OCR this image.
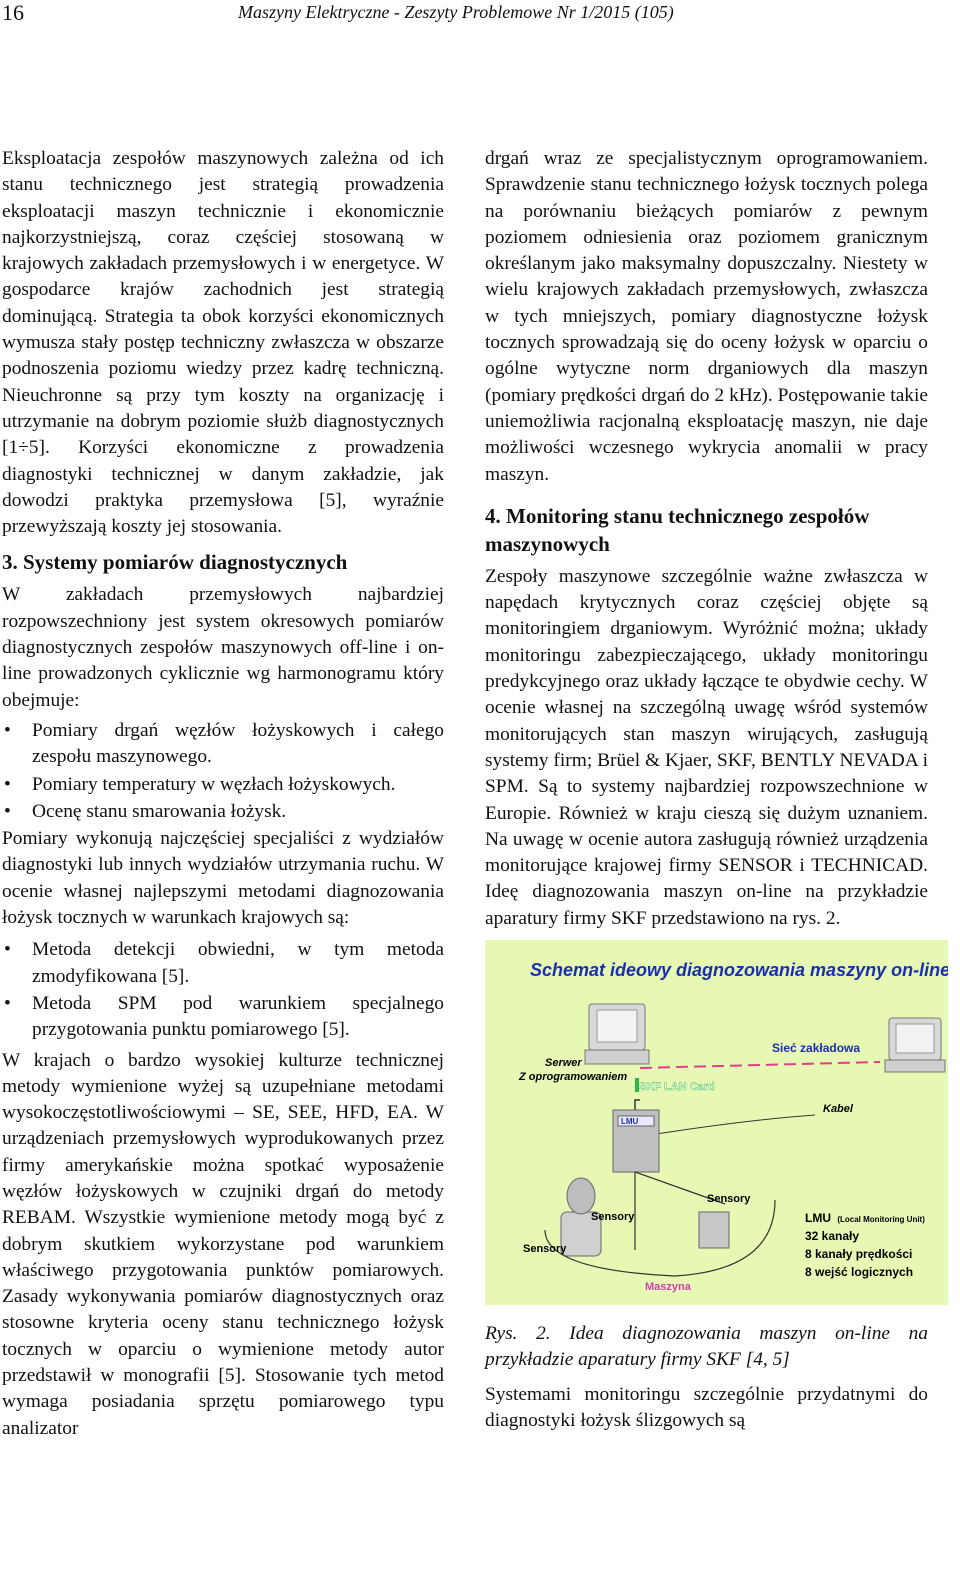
16	Maszyny Elektryczne - Zeszyty Problemowe Nr 1/2015 (105)

Eksploatacja zespołów maszynowych zależna od ich stanu technicznego jest strategią prowadzenia eksploatacji maszyn technicznie i ekonomicznie najkorzystniejszą, coraz częściej stosowaną w krajowych zakładach przemysłowych i w energetyce. W gospodarce krajów zachodnich jest strategią dominującą. Strategia ta obok korzyści ekonomicznych wymusza stały postęp techniczny zwłaszcza w obszarze podnoszenia poziomu wiedzy przez kadrę techniczną. Nieuchronne są przy tym koszty na organizację i utrzymanie na dobrym poziomie służb diagnostycznych [1÷5]. Korzyści ekonomiczne z prowadzenia diagnostyki technicznej w danym zakładzie, jak dowodzi praktyka przemysłowa [5], wyraźnie przewyższają koszty jej stosowania.

3. Systemy pomiarów diagnostycznych

W zakładach przemysłowych najbardziej rozpowszechniony jest system okresowych pomiarów diagnostycznych zespołów maszynowych off-line i on-line prowadzonych cyklicznie wg harmonogramu który obejmuje:

• Pomiary drgań węzłów łożyskowych i całego zespołu maszynowego.
• Pomiary temperatury w węzłach łożyskowych.
• Ocenę stanu smarowania łożysk.

Pomiary wykonują najczęściej specjaliści z wydziałów diagnostyki lub innych wydziałów utrzymania ruchu. W ocenie własnej najlepszymi metodami diagnozowania łożysk tocznych w warunkach krajowych są:

• Metoda detekcji obwiedni, w tym metoda zmodyfikowana [5].
• Metoda SPM pod warunkiem specjalnego przygotowania punktu pomiarowego [5].

W krajach o bardzo wysokiej kulturze technicznej metody wymienione wyżej są uzupełniane metodami wysokoczęstotliwościowymi – SE, SEE, HFD, EA. W urządzeniach przemysłowych wyprodukowanych przez firmy amerykańskie można spotkać wyposażenie węzłów łożyskowych w czujniki drgań do metody REBAM. Wszystkie wymienione metody mogą być z dobrym skutkiem wykorzystane pod warunkiem właściwego przygotowania punktów pomiarowych. Zasady wykonywania pomiarów diagnostycznych oraz stosowne kryteria oceny stanu technicznego łożysk tocznych w oparciu o wymienione metody autor przedstawił w monografii [5]. Stosowanie tych metod wymaga posiadania sprzętu pomiarowego typu analizator

drgań wraz ze specjalistycznym oprogramowaniem. Sprawdzenie stanu technicznego łożysk tocznych polega na porównaniu bieżących pomiarów z pewnym poziomem odniesienia oraz poziomem granicznym określanym jako maksymalny dopuszczalny. Niestety w wielu krajowych zakładach przemysłowych, zwłaszcza w tych mniejszych, pomiary diagnostyczne łożysk tocznych sprowadzają się do oceny łożysk w oparciu o ogólne wytyczne norm drganiowych dla maszyn (pomiary prędkości drgań do 2 kHz). Postępowanie takie uniemożliwia racjonalną eksploatację maszyn, nie daje możliwości wczesnego wykrycia anomalii w pracy maszyn.

4. Monitoring stanu technicznego zespołów maszynowych

Zespoły maszynowe szczególnie ważne zwłaszcza w napędach krytycznych coraz częściej objęte są monitoringiem drganiowym. Wyróżnić można; układy monitoringu zabezpieczającego, układy monitoringu predykcyjnego oraz układy łączące te obydwie cechy. W ocenie własnej na szczególną uwagę wśród systemów monitorujących stan maszyn wirujących, zasługują systemy firm; Brüel & Kjaer, SKF, BENTLY NEVADA i SPM. Są to systemy najbardziej rozpowszechnione w Europie. Również w kraju cieszą się dużym uznaniem. Na uwagę w ocenie autora zasługują również urządzenia monitorujące krajowej firmy SENSOR i TECHNICAD. Ideę diagnozowania maszyn on-line na przykładzie aparatury firmy SKF przedstawiono na rys. 2.

Schemat ideowy diagnozowania maszyny on-line
Serwer
Z oprogramowaniem
Sieć zakładowa
SKF LAN Card
Kabel
LMU
Sensory
Sensory
Sensory
Maszyna
LMU (Local Monitoring Unit)
32 kanały
8 kanały prędkości
8 wejść logicznych

Rys. 2. Idea diagnozowania maszyn on-line na przykładzie aparatury firmy SKF [4, 5]

Systemami monitoringu szczególnie przydatnymi do diagnostyki łożysk ślizgowych są
